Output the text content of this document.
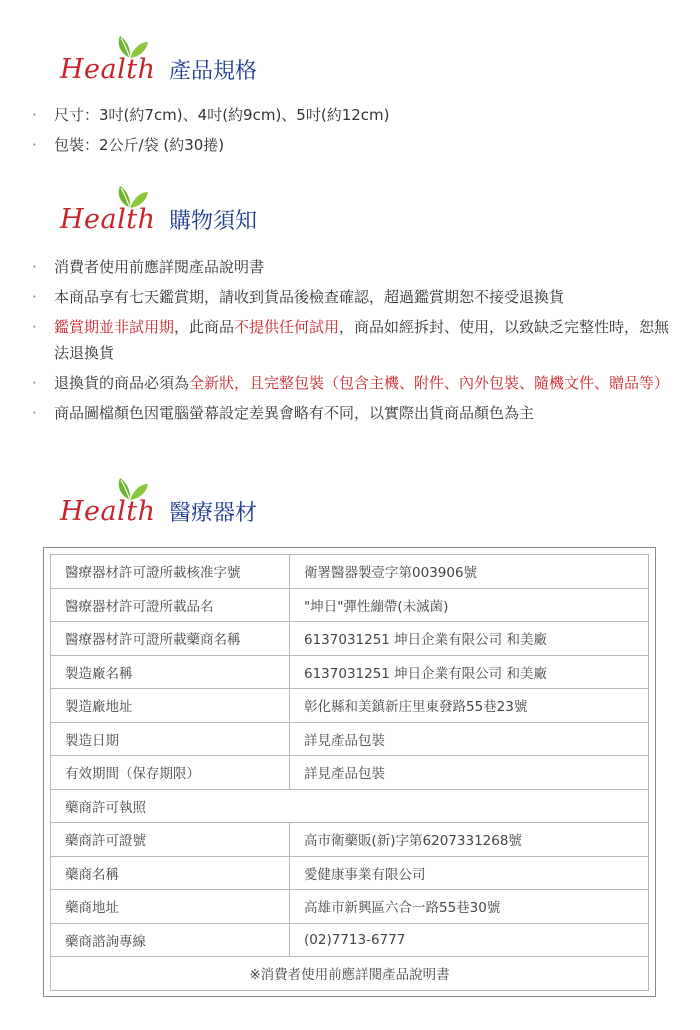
Health 產品規格
· 尺寸：3吋(約7cm)、4吋(約9cm)、5吋(約12cm)
· 包裝：2公斤/袋 (約30捲)
Health 購物須知
· 消費者使用前應詳閱產品說明書
· 本商品享有七天鑑賞期，請收到貨品後檢查確認，超過鑑賞期恕不接受退換貨
· 鑑賞期並非試用期，此商品不提供任何試用，商品如經拆封、使用，以致缺乏完整性時，恕無法退換貨
· 退換貨的商品必須為全新狀，且完整包裝（包含主機、附件、內外包裝、隨機文件、贈品等）
· 商品圖檔顏色因電腦螢幕設定差異會略有不同，以實際出貨商品顏色為主
Health 醫療器材
醫療器材許可證所載核准字號	衛署醫器製壹字第003906號
醫療器材許可證所載品名	"坤日"彈性繃帶(未滅菌)
醫療器材許可證所載藥商名稱	6137031251 坤日企業有限公司 和美廠
製造廠名稱	6137031251 坤日企業有限公司 和美廠
製造廠地址	彰化縣和美鎮新庄里東發路55巷23號
製造日期	詳見產品包裝
有效期間（保存期限）	詳見產品包裝
藥商許可執照	
藥商許可證號	高市衛藥販(新)字第6207331268號
藥商名稱	愛健康事業有限公司
藥商地址	高雄市新興區六合一路55巷30號
藥商諮詢專線	(02)7713-6777
※消費者使用前應詳閱產品說明書	
